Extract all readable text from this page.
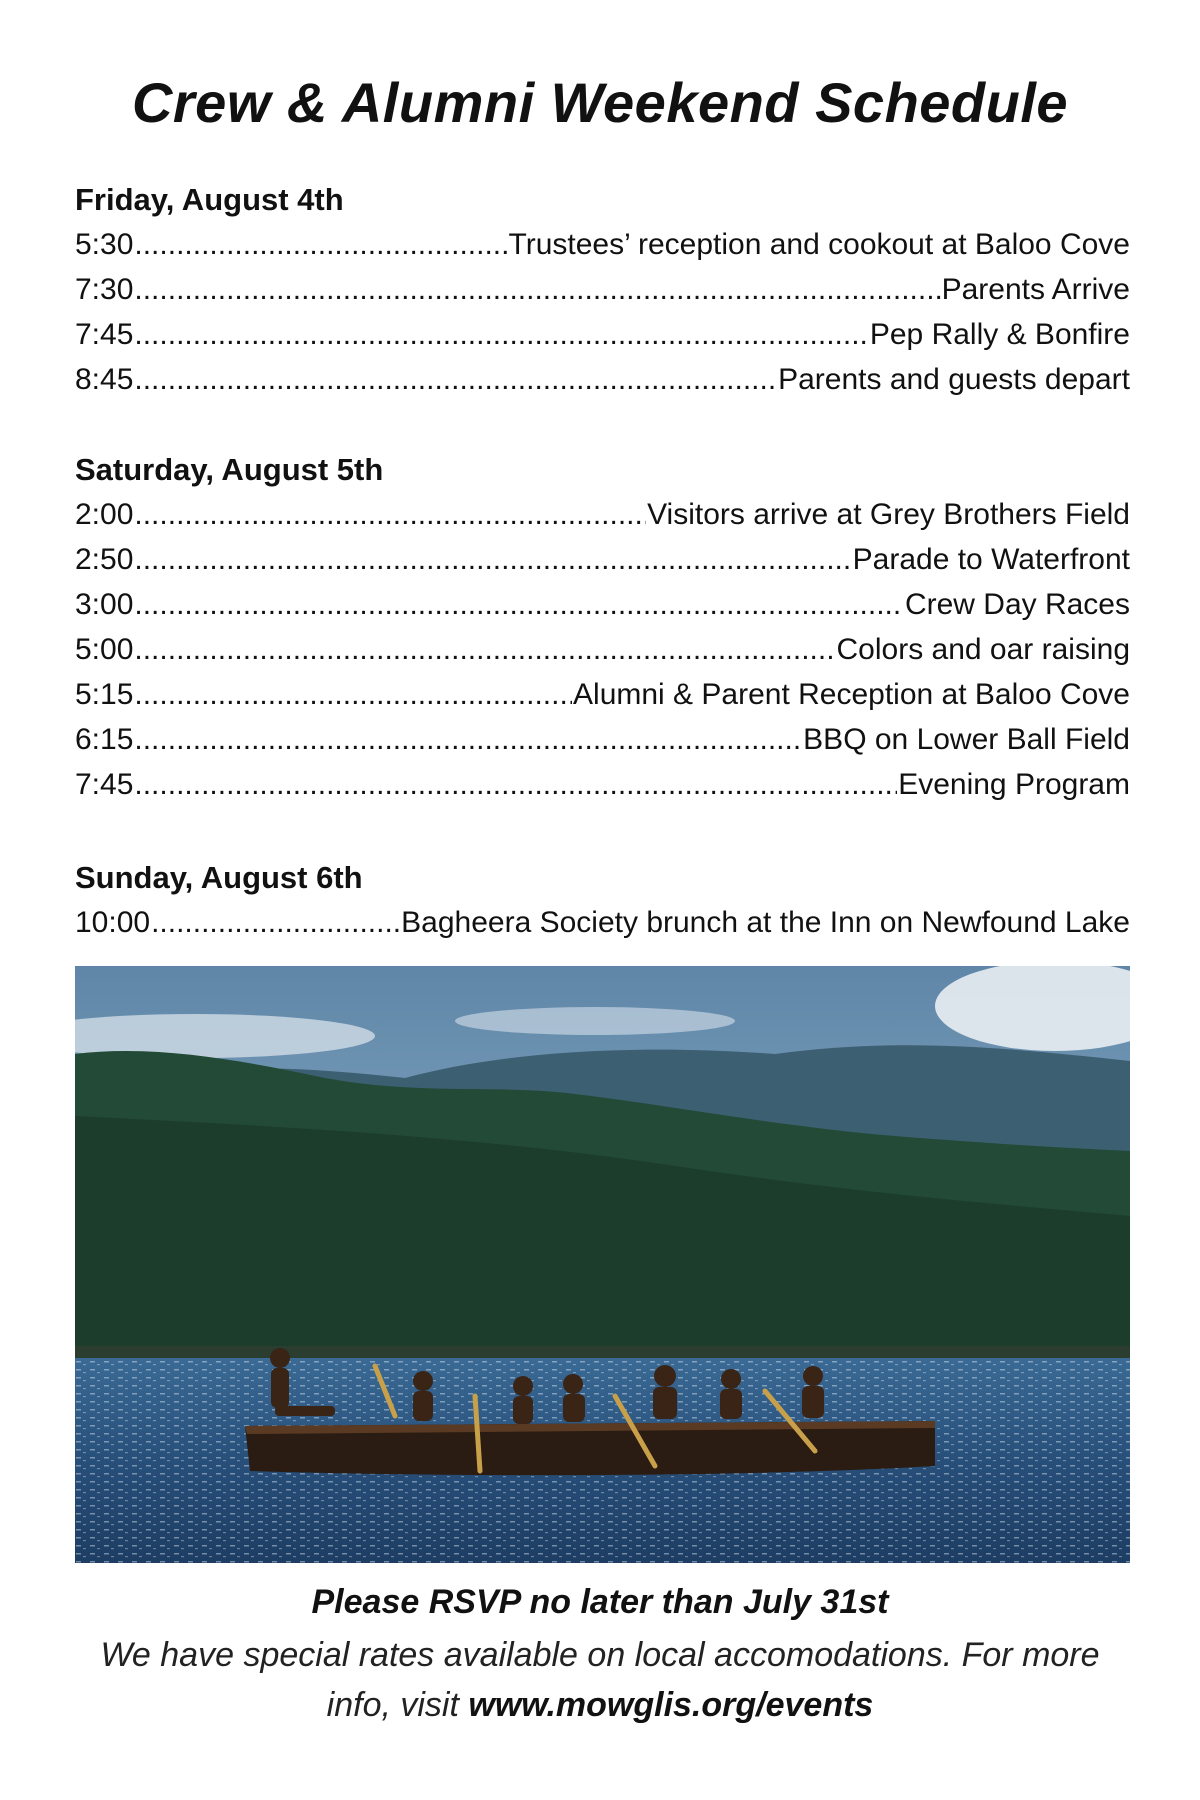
Crew & Alumni Weekend Schedule
Friday, August 4th
5:30 .....	Trustees’ reception and cookout at Baloo Cove
7:30 .....	Parents Arrive
7:45 .....	Pep Rally & Bonfire
8:45 .....	Parents and guests depart
Saturday, August 5th
2:00 .....	Visitors arrive at Grey Brothers Field
2:50 .....	Parade to Waterfront
3:00 .....	Crew Day Races
5:00 .....	Colors and oar raising
5:15 .....	Alumni & Parent Reception at Baloo Cove
6:15 .....	BBQ on Lower Ball Field
7:45 .....	Evening Program
Sunday, August 6th
10:00 .....	Bagheera Society brunch at the Inn on Newfound Lake

Please RSVP no later than July 31st

We have special rates available on local accomodations. For more info, visit www.mowglis.org/events
